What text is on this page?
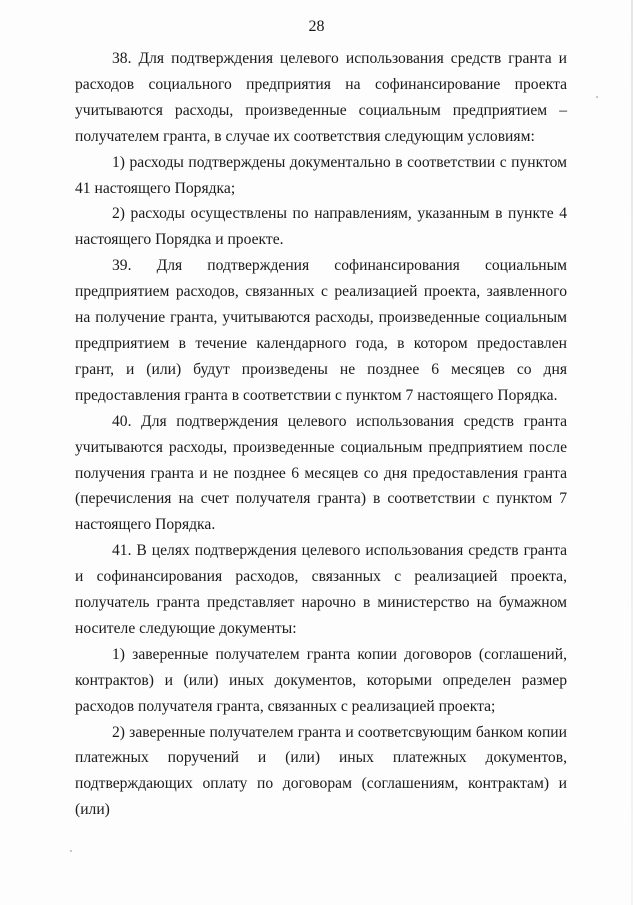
28

38. Для подтверждения целевого использования средств гранта и расходов социального предприятия на софинансирование проекта учитываются расходы, произведенные социальным предприятием – получателем гранта, в случае их соответствия следующим условиям:

1) расходы подтверждены документально в соответствии с пунктом 41 настоящего Порядка;

2) расходы осуществлены по направлениям, указанным в пункте 4 настоящего Порядка и проекте.

39. Для подтверждения софинансирования социальным предприятием расходов, связанных с реализацией проекта, заявленного на получение гранта, учитываются расходы, произведенные социальным предприятием в течение календарного года, в котором предоставлен грант, и (или) будут произведены не позднее 6 месяцев со дня предоставления гранта в соответствии с пунктом 7 настоящего Порядка.

40. Для подтверждения целевого использования средств гранта учитываются расходы, произведенные социальным предприятием после получения гранта и не позднее 6 месяцев со дня предоставления гранта (перечисления на счет получателя гранта) в соответствии с пунктом 7 настоящего Порядка.

41. В целях подтверждения целевого использования средств гранта и софинансирования расходов, связанных с реализацией проекта, получатель гранта представляет нарочно в министерство на бумажном носителе следующие документы:

1) заверенные получателем гранта копии договоров (соглашений, контрактов) и (или) иных документов, которыми определен размер расходов получателя гранта, связанных с реализацией проекта;

2) заверенные получателем гранта и соответсвующим банком копии платежных поручений и (или) иных платежных документов, подтверждающих оплату по договорам (соглашениям, контрактам) и (или)
